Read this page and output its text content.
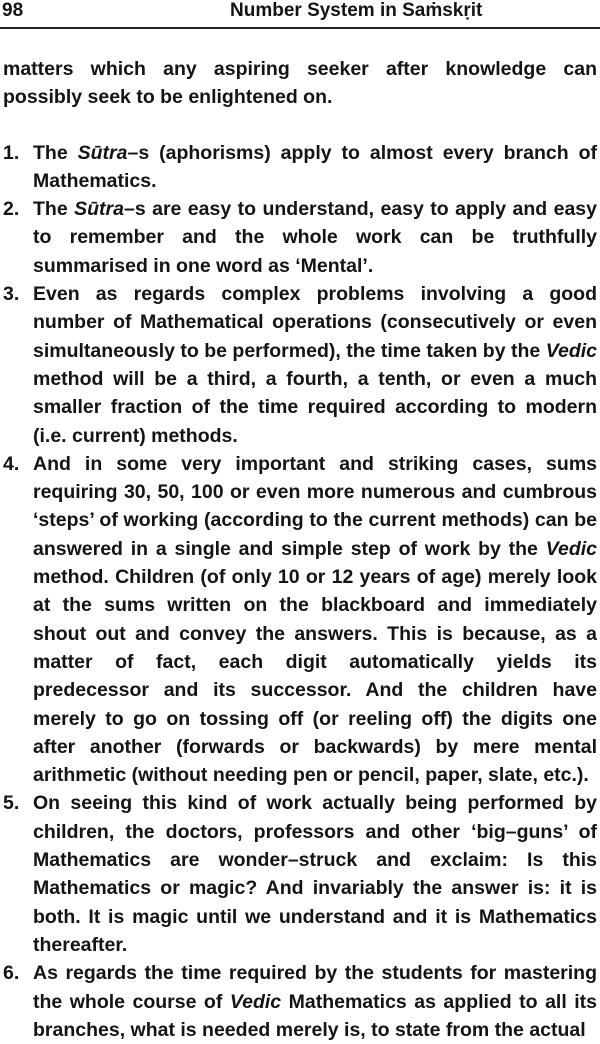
98	Number System in Saṁskṛit

matters which any aspiring seeker after knowledge can possibly seek to be enlightened on.

1. The Sūtra–s (aphorisms) apply to almost every branch of Mathematics.
2. The Sūtra–s are easy to understand, easy to apply and easy to remember and the whole work can be truthfully summarised in one word as ‘Mental’.
3. Even as regards complex problems involving a good number of Mathematical operations (consecutively or even simultaneously to be performed), the time taken by the Vedic method will be a third, a fourth, a tenth, or even a much smaller fraction of the time required according to modern (i.e. current) methods.
4. And in some very important and striking cases, sums requiring 30, 50, 100 or even more numerous and cumbrous ‘steps’ of working (according to the current methods) can be answered in a single and simple step of work by the Vedic method. Children (of only 10 or 12 years of age) merely look at the sums written on the blackboard and immediately shout out and convey the answers. This is because, as a matter of fact, each digit automatically yields its predecessor and its successor. And the children have merely to go on tossing off (or reeling off) the digits one after another (forwards or backwards) by mere mental arithmetic (without needing pen or pencil, paper, slate, etc.).
5. On seeing this kind of work actually being performed by children, the doctors, professors and other ‘big–guns’ of Mathematics are wonder–struck and exclaim: Is this Mathematics or magic? And invariably the answer is: it is both. It is magic until we understand and it is Mathematics thereafter.
6. As regards the time required by the students for mastering the whole course of Vedic Mathematics as applied to all its branches, what is needed merely is, to state from the actual
